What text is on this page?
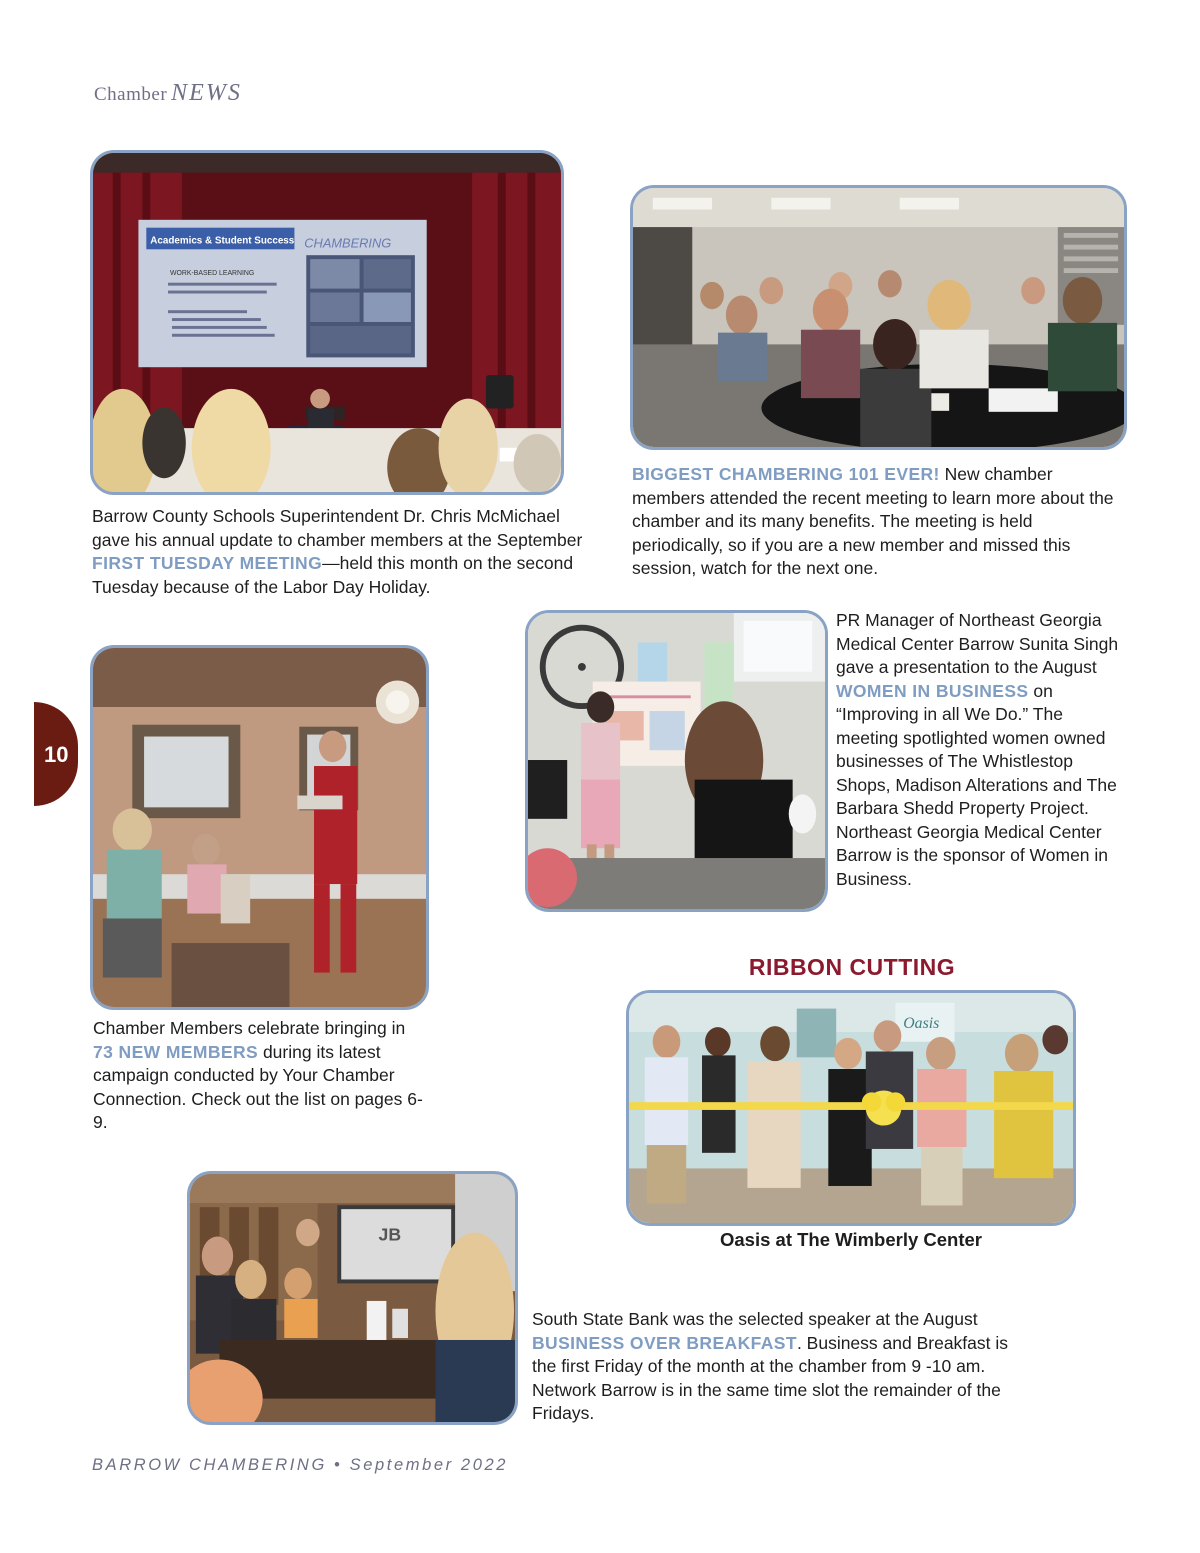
Chamber NEWS
10
Academics & Student Success CHAMBERING
WORK-BASED LEARNING
Barrow County Schools Superintendent Dr. Chris McMichael gave his annual update to chamber members at the September FIRST TUESDAY MEETING—held this month on the second Tuesday because of the Labor Day Holiday.
BIGGEST CHAMBERING 101 EVER! New chamber members attended the recent meeting to learn more about the chamber and its many benefits. The meeting is held periodically, so if you are a new member and missed this session, watch for the next one.
PR Manager of Northeast Georgia Medical Center Barrow Sunita Singh gave a presentation to the August WOMEN IN BUSINESS on “Improving in all We Do.” The meeting spotlighted women owned businesses of The Whistlestop Shops, Madison Alterations and The Barbara Shedd Property Project. Northeast Georgia Medical Center Barrow is the sponsor of Women in Business.
Chamber Members celebrate bringing in 73 NEW MEMBERS during its latest campaign conducted by Your Chamber Connection. Check out the list on pages 6-9.
RIBBON CUTTING
Oasis
Oasis at The Wimberly Center
JB
South State Bank was the selected speaker at the August BUSINESS OVER BREAKFAST. Business and Breakfast is the first Friday of the month at the chamber from 9 -10 am. Network Barrow is in the same time slot the remainder of the Fridays.
BARROW CHAMBERING • September 2022
